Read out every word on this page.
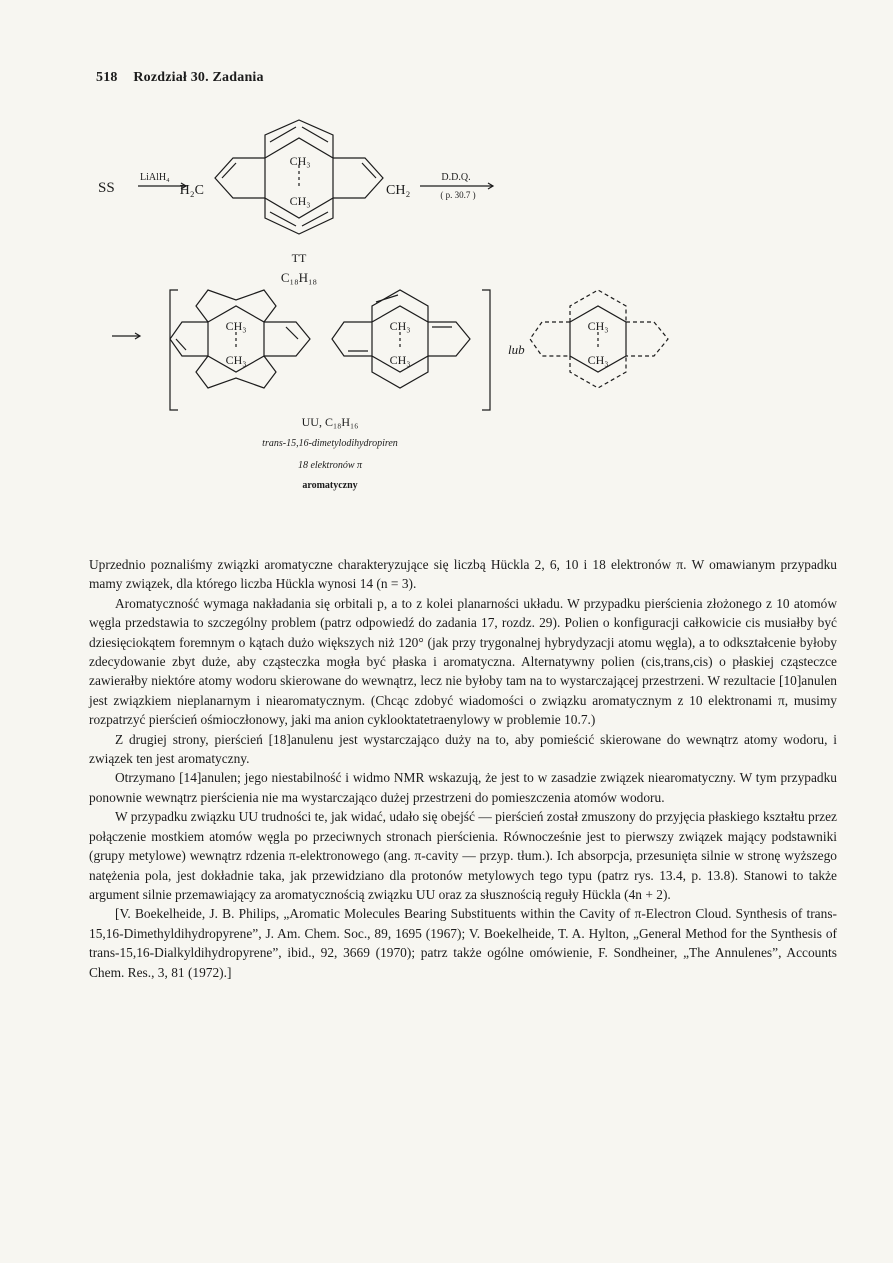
518 Rozdział 30. Zadania
SS
LiAlH₄
H₂C	CH₂
CH₃
CH₃
D.D.Q.
( p. 30.7 )
TT
C₁₈H₁₈
CH₃
CH₃
CH₃
CH₃
lub
CH₃
CH₃
UU, C₁₈H₁₆
trans-15,16-dimetylodihydropiren
18 elektronów π
aromatyczny

Uprzednio poznaliśmy związki aromatyczne charakteryzujące się liczbą Hückla 2, 6, 10 i 18 elektronów π. W omawianym przypadku mamy związek, dla którego liczba Hückla wynosi 14 (n = 3).

Aromatyczność wymaga nakładania się orbitali p, a to z kolei planarności układu. W przypadku pierścienia złożonego z 10 atomów węgla przedstawia to szczególny problem (patrz odpowiedź do zadania 17, rozdz. 29). Polien o konfiguracji całkowicie cis musiałby być dziesięciokątem foremnym o kątach dużo większych niż 120° (jak przy trygonalnej hybrydyzacji atomu węgla), a to odkształcenie byłoby zdecydowanie zbyt duże, aby cząsteczka mogła być płaska i aromatyczna. Alternatywny polien (cis,trans,cis) o płaskiej cząsteczce zawierałby niektóre atomy wodoru skierowane do wewnątrz, lecz nie byłoby tam na to wystarczającej przestrzeni. W rezultacie [10]anulen jest związkiem nieplanarnym i niearomatycznym. (Chcąc zdobyć wiadomości o związku aromatycznym z 10 elektronami π, musimy rozpatrzyć pierścień ośmioczłonowy, jaki ma anion cyklooktatetraenylowy w problemie 10.7.)

Z drugiej strony, pierścień [18]anulenu jest wystarczająco duży na to, aby pomieścić skierowane do wewnątrz atomy wodoru, i związek ten jest aromatyczny.

Otrzymano [14]anulen; jego niestabilność i widmo NMR wskazują, że jest to w zasadzie związek niearomatyczny. W tym przypadku ponownie wewnątrz pierścienia nie ma wystarczająco dużej przestrzeni do pomieszczenia atomów wodoru.

W przypadku związku UU trudności te, jak widać, udało się obejść — pierścień został zmuszony do przyjęcia płaskiego kształtu przez połączenie mostkiem atomów węgla po przeciwnych stronach pierścienia. Równocześnie jest to pierwszy związek mający podstawniki (grupy metylowe) wewnątrz rdzenia π-elektronowego (ang. π-cavity — przyp. tłum.). Ich absorpcja, przesunięta silnie w stronę wyższego natężenia pola, jest dokładnie taka, jak przewidziano dla protonów metylowych tego typu (patrz rys. 13.4, p. 13.8). Stanowi to także argument silnie przemawiający za aromatycznością związku UU oraz za słusznością reguły Hückla (4n + 2).

[V. Boekelheide, J. B. Philips, „Aromatic Molecules Bearing Substituents within the Cavity of π-Electron Cloud. Synthesis of trans-15,16-Dimethyldihydropyrene”, J. Am. Chem. Soc., 89, 1695 (1967); V. Boekelheide, T. A. Hylton, „General Method for the Synthesis of trans-15,16-Dialkyldihydropyrene”, ibid., 92, 3669 (1970); patrz także ogólne omówienie, F. Sondheiner, „The Annulenes”, Accounts Chem. Res., 3, 81 (1972).]
